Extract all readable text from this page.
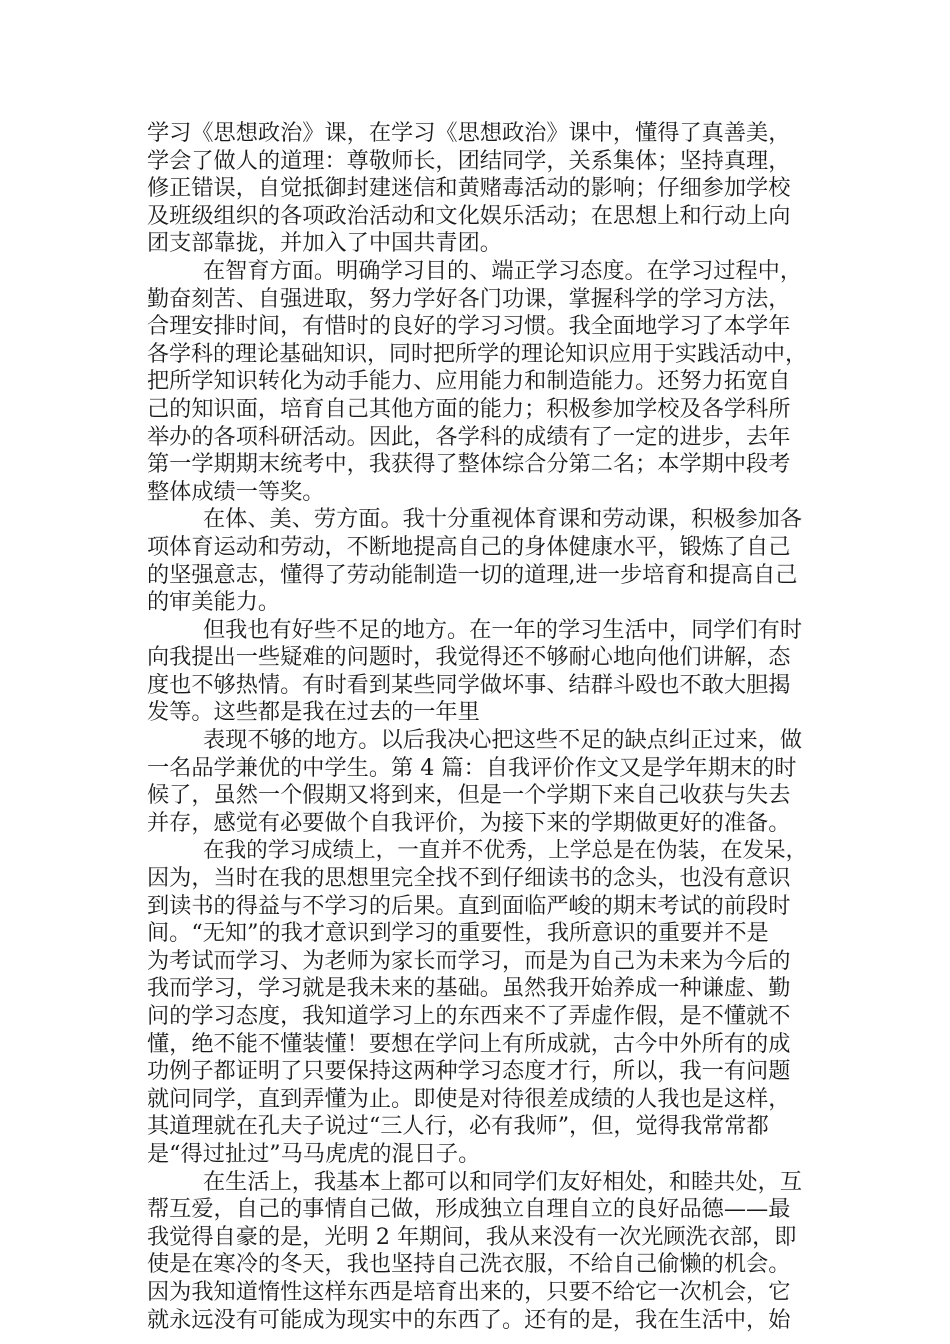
学习《思想政治》课，在学习《思想政治》课中，懂得了真善美，
学会了做人的道理：尊敬师长，团结同学，关系集体；坚持真理，
修正错误，自觉抵御封建迷信和黄赌毒活动的影响；仔细参加学校
及班级组织的各项政治活动和文化娱乐活动；在思想上和行动上向
团支部靠拢，并加入了中国共青团。
在智育方面。明确学习目的、端正学习态度。在学习过程中，
勤奋刻苦、自强进取，努力学好各门功课，掌握科学的学习方法，
合理安排时间，有惜时的良好的学习习惯。我全面地学习了本学年
各学科的理论基础知识，同时把所学的理论知识应用于实践活动中，
把所学知识转化为动手能力、应用能力和制造能力。还努力拓宽自
己的知识面，培育自己其他方面的能力；积极参加学校及各学科所
举办的各项科研活动。因此，各学科的成绩有了一定的进步，去年
第一学期期末统考中，我获得了整体综合分第二名；本学期中段考
整体成绩一等奖。
在体、美、劳方面。我十分重视体育课和劳动课，积极参加各
项体育运动和劳动，不断地提高自己的身体健康水平，锻炼了自己
的坚强意志，懂得了劳动能制造一切的道理,进一步培育和提高自己
的审美能力。
但我也有好些不足的地方。在一年的学习生活中，同学们有时
向我提出一些疑难的问题时，我觉得还不够耐心地向他们讲解，态
度也不够热情。有时看到某些同学做坏事、结群斗殴也不敢大胆揭
发等。这些都是我在过去的一年里
表现不够的地方。以后我决心把这些不足的缺点纠正过来，做
一名品学兼优的中学生。第 4 篇：自我评价作文又是学年期末的时
候了，虽然一个假期又将到来，但是一个学期下来自己收获与失去
并存，感觉有必要做个自我评价，为接下来的学期做更好的准备。
在我的学习成绩上，一直并不优秀，上学总是在伪装，在发呆，
因为，当时在我的思想里完全找不到仔细读书的念头，也没有意识
到读书的得益与不学习的后果。直到面临严峻的期末考试的前段时
间。“无知”的我才意识到学习的重要性，我所意识的重要并不是
为考试而学习、为老师为家长而学习，而是为自己为未来为今后的
我而学习，学习就是我未来的基础。虽然我开始养成一种谦虚、勤
问的学习态度，我知道学习上的东西来不了弄虚作假，是不懂就不
懂，绝不能不懂装懂！要想在学问上有所成就，古今中外所有的成
功例子都证明了只要保持这两种学习态度才行，所以，我一有问题
就问同学，直到弄懂为止。即使是对待很差成绩的人我也是这样，
其道理就在孔夫子说过“三人行，必有我师”，但，觉得我常常都
是“得过扯过”马马虎虎的混日子。
在生活上，我基本上都可以和同学们友好相处，和睦共处，互
帮互爱，自己的事情自己做，形成独立自理自立的良好品德——最
我觉得自豪的是，光明 2 年期间，我从来没有一次光顾洗衣部，即
使是在寒冷的冬天，我也坚持自己洗衣服，不给自己偷懒的机会。
因为我知道惰性这样东西是培育出来的，只要不给它一次机会，它
就永远没有可能成为现实中的东西了。还有的是，我在生活中，始
